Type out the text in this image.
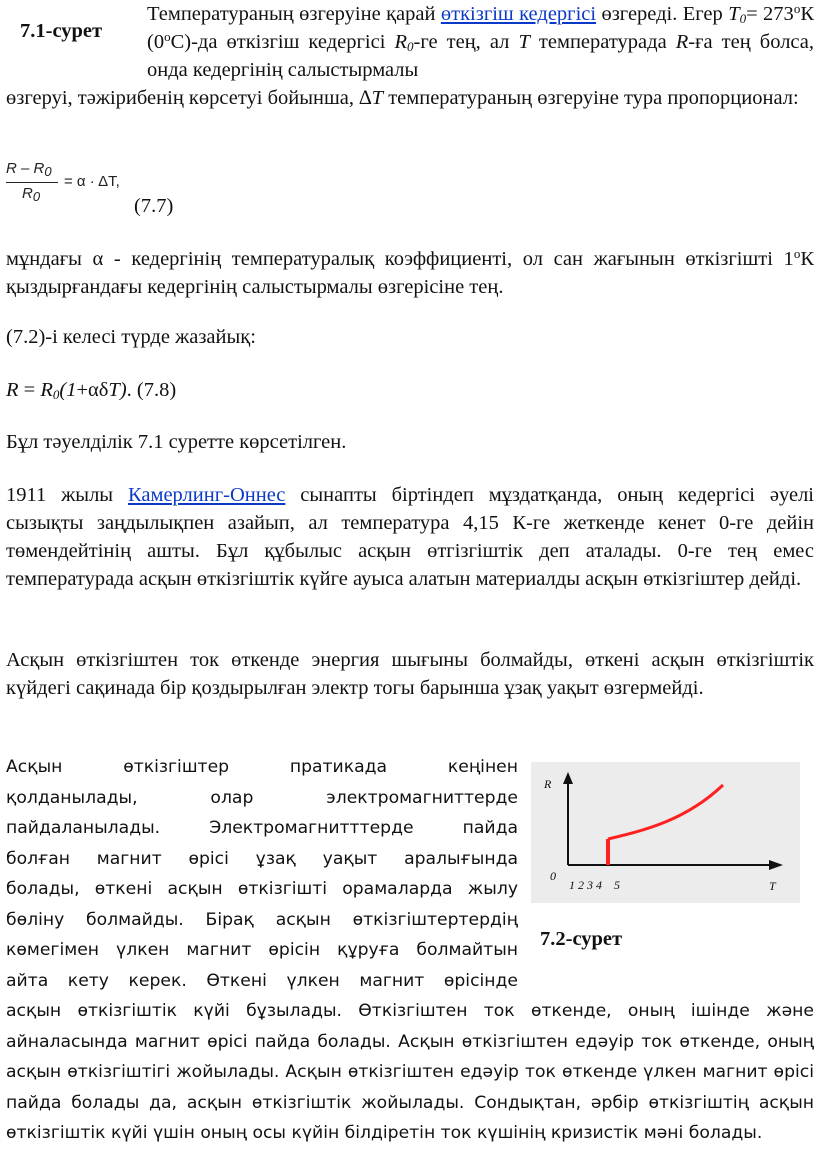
7.1-сурет
Температураның өзгеруіне қарай өткізгіш кедергісі өзгереді. Егер $T_0= 273^оК$ $(0^оС)-да$ өткізгіш кедергісі $R_0-ге$ тең, ал T температурада R-ға тең болса, онда кедергінің салыстырмалы
өзгеруі, тәжірибенің көрсетуі бойынша, ∆T температураның өзгеруіне тура пропорционал:
R – $R_0$
$R_0$
= α · ΔT,
(7.7)
мұндағы α - кедергінің температуралық коэффициенті, ол сан жағынын өткізгішті $1^оК$ қыздырғандағы кедергінің салыстырмалы өзгерісіне тең.
(7.2)-і келесі түрде жазайық:
$R = R_0(1+\alpha\delta T)$. (7.8)
Бұл тәуелділік 7.1 суретте көрсетілген.
1911 жылы Камерлинг-Оннес сынапты біртіндеп мұздатқанда, оның кедергісі әуелі сызықты заңдылықпен азайып, ал температура 4,15 К-ге жеткенде кенет 0-ге дейін төмендейтінің ашты. Бұл құбылыс асқын өтгізгіштік деп аталады. 0-ге тең емес температурада асқын өткізгіштік күйге ауыса алатын материалды асқын өткізгіштер дейді.
Асқын өткізгіштен ток өткенде энергия шығыны болмайды, өткені асқын өткізгіштік күйдегі сақинада бір қоздырылған электр тогы барынша ұзақ уақыт өзгермейді.
Асқын өткізгіштер пратикада кеңінен
қолданылады, олар электромагниттерде
пайдаланылады. Электромагнитттерде пайда
болған магнит өрісі ұзақ уақыт аралығында
болады, өткені асқын өткізгішті орамаларда жылу
бөліну болмайды. Бірақ асқын өткізгіштертердің
көмегімен үлкен магнит өрісін құруға болмайтын
айта кету керек. Өткені үлкен магнит өрісінде
асқын өткізгіштік күйі бұзылады. Өткізгіштен ток өткенде, оның ішінде және айналасында магнит өрісі пайда болады. Асқын өткізгіштен едәуір ток өткенде, оның асқын өткізгіштігі жойылады. Асқын өткізгіштен едәуір ток өткенде үлкен магнит өрісі пайда болады да, асқын өткізгіштік жойылады. Сондықтан, әрбір өткізгіштің асқын өткізгіштік күйі үшін оның осы күйін білдіретін ток күшінің кризистік мәні болады.
R
0
T
1 2 3 4 5
7.2-сурет
